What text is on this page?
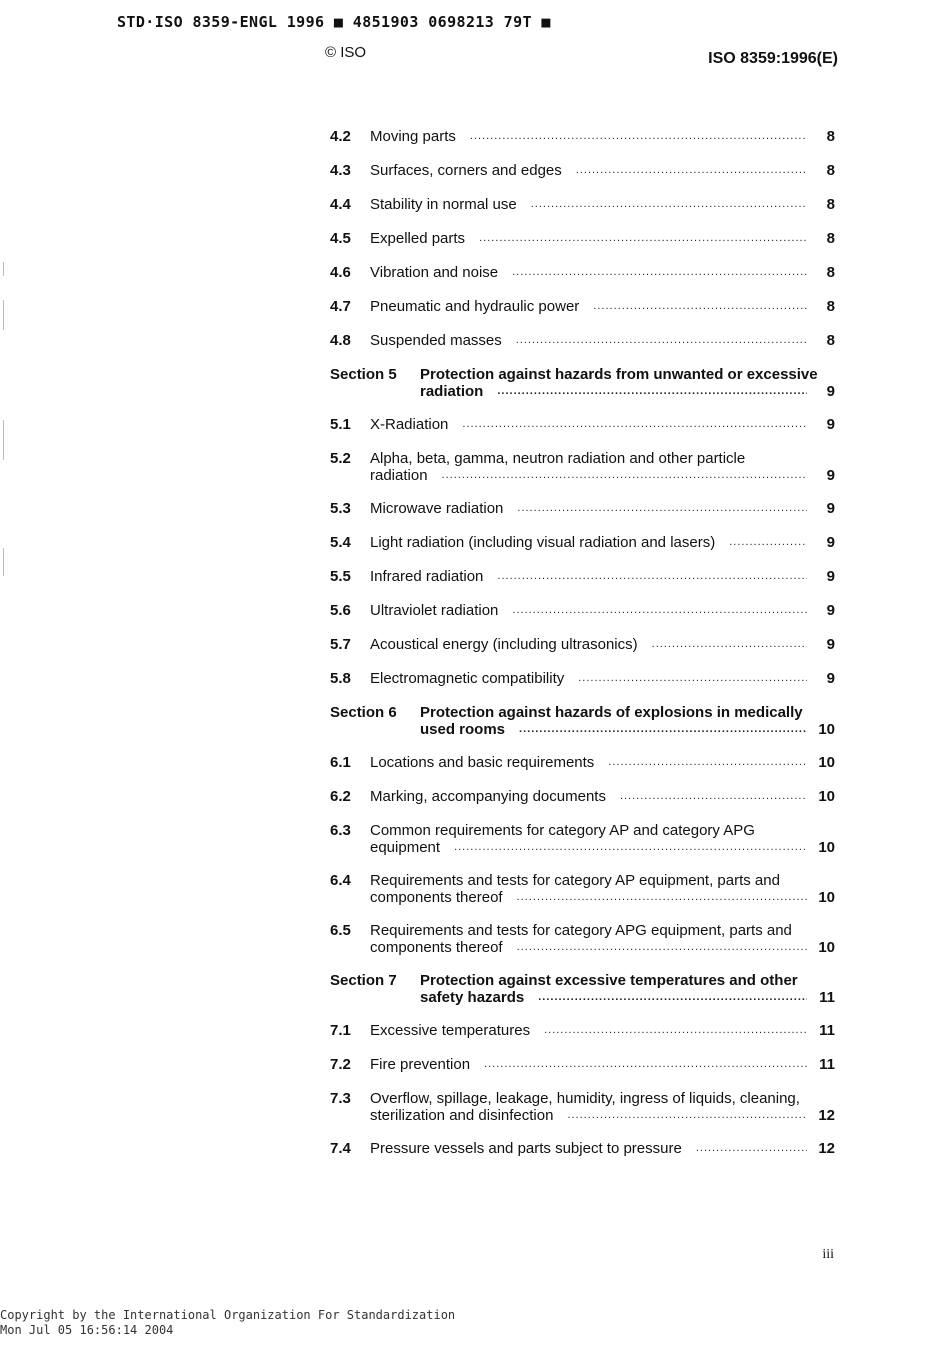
STD·ISO 8359-ENGL 1996 ■ 4851903 0698213 79T ■
© ISO	ISO 8359:1996(E)
4.2	Moving parts .....	8
4.3	Surfaces, corners and edges .....	8
4.4	Stability in normal use .....	8
4.5	Expelled parts .....	8
4.6	Vibration and noise .....	8
4.7	Pneumatic and hydraulic power .....	8
4.8	Suspended masses .....	8
Section 5	Protection against hazards from unwanted or excessive
radiation .....	9
5.1	X-Radiation .....	9
5.2	Alpha, beta, gamma, neutron radiation and other particle
radiation .....	9
5.3	Microwave radiation .....	9
5.4	Light radiation (including visual radiation and lasers) .....	9
5.5	Infrared radiation .....	9
5.6	Ultraviolet radiation .....	9
5.7	Acoustical energy (including ultrasonics) .....	9
5.8	Electromagnetic compatibility .....	9
Section 6	Protection against hazards of explosions in medically
used rooms .....	10
6.1	Locations and basic requirements .....	10
6.2	Marking, accompanying documents .....	10
6.3	Common requirements for category AP and category APG
equipment .....	10
6.4	Requirements and tests for category AP equipment, parts and
components thereof .....	10
6.5	Requirements and tests for category APG equipment, parts and
components thereof .....	10
Section 7	Protection against excessive temperatures and other
safety hazards .....	11
7.1	Excessive temperatures .....	11
7.2	Fire prevention .....	11
7.3	Overflow, spillage, leakage, humidity, ingress of liquids, cleaning,
sterilization and disinfection .....	12
7.4	Pressure vessels and parts subject to pressure .....	12
iii
Copyright by the International Organization For Standardization
Mon Jul 05 16:56:14 2004
